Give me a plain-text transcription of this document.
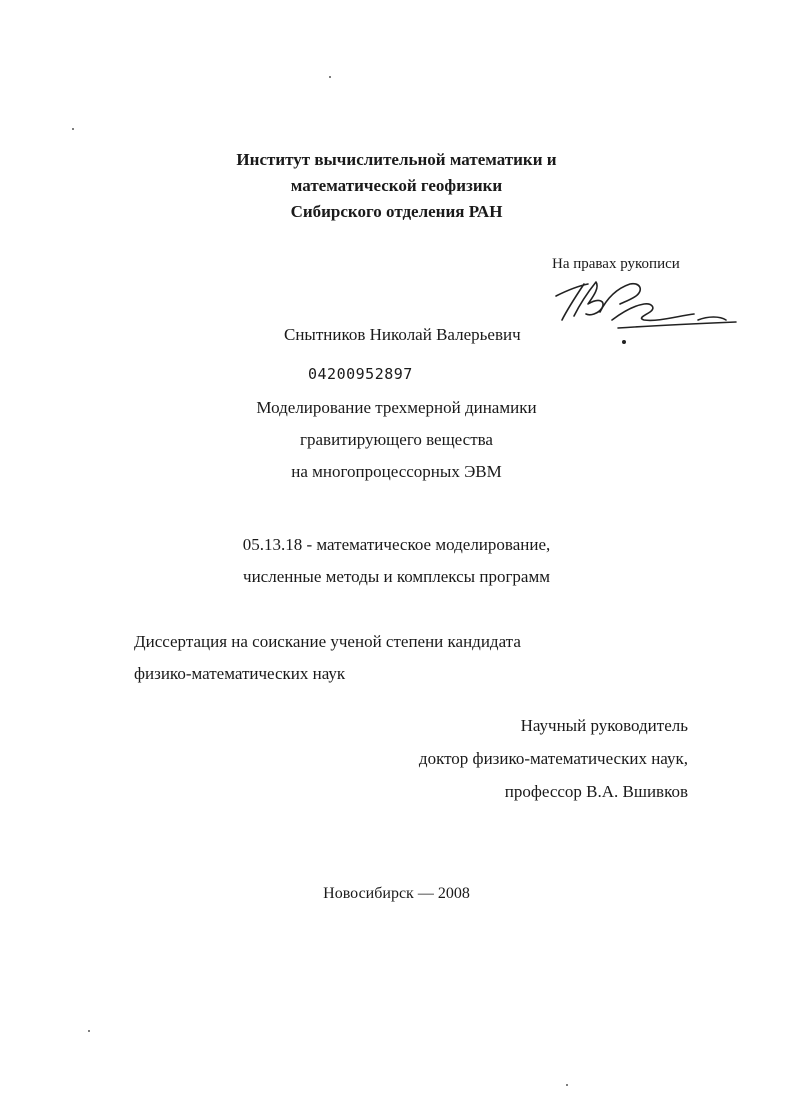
Институт вычислительной математики и
математической геофизики
Сибирского отделения РАН
На правах рукописи
Снытников Николай Валерьевич
04200952897
Моделирование трехмерной динамики
гравитирующего вещества
на многопроцессорных ЭВМ
05.13.18 - математическое моделирование,
численные методы и комплексы программ
Диссертация на соискание ученой степени кандидата
физико-математических наук
Научный руководитель
доктор физико-математических наук,
профессор В.А. Вшивков
Новосибирск — 2008
